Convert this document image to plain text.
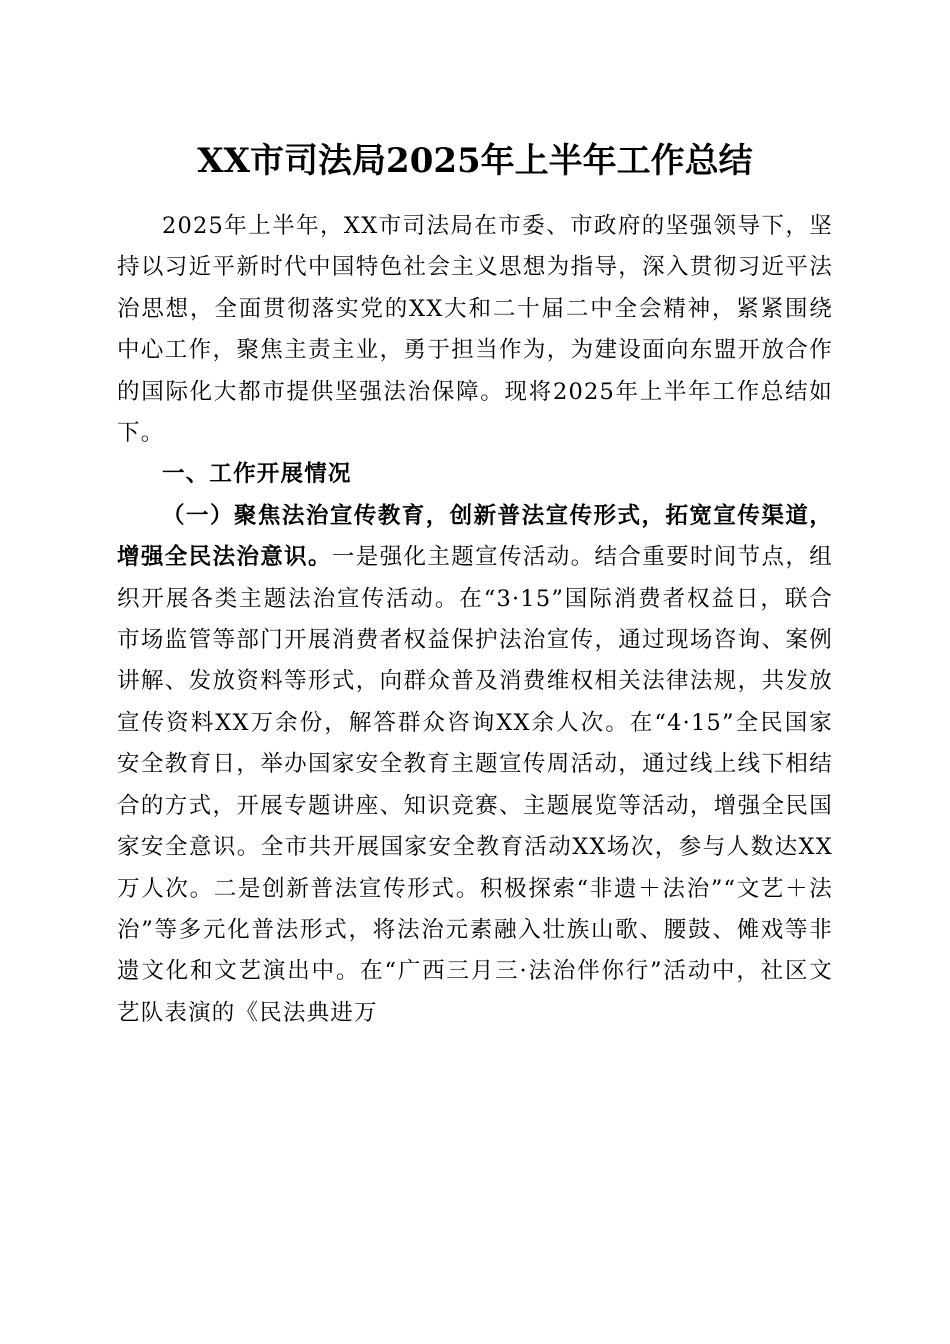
XX市司法局2025年上半年工作总结

2025年上半年，XX市司法局在市委、市政府的坚强领导下，坚持以习近平新时代中国特色社会主义思想为指导，深入贯彻习近平法治思想，全面贯彻落实党的XX大和二十届二中全会精神，紧紧围绕中心工作，聚焦主责主业，勇于担当作为，为建设面向东盟开放合作的国际化大都市提供坚强法治保障。现将2025年上半年工作总结如下。

一、工作开展情况

（一）聚焦法治宣传教育，创新普法宣传形式，拓宽宣传渠道，增强全民法治意识。一是强化主题宣传活动。结合重要时间节点，组织开展各类主题法治宣传活动。在“3·15”国际消费者权益日，联合市场监管等部门开展消费者权益保护法治宣传，通过现场咨询、案例讲解、发放资料等形式，向群众普及消费维权相关法律法规，共发放宣传资料XX万余份，解答群众咨询XX余人次。在“4·15”全民国家安全教育日，举办国家安全教育主题宣传周活动，通过线上线下相结合的方式，开展专题讲座、知识竞赛、主题展览等活动，增强全民国家安全意识。全市共开展国家安全教育活动XX场次，参与人数达XX万人次。二是创新普法宣传形式。积极探索“非遗＋法治”“文艺＋法治”等多元化普法形式，将法治元素融入壮族山歌、腰鼓、傩戏等非遗文化和文艺演出中。在“广西三月三·法治伴你行”活动中，社区文艺队表演的《民法典进万
